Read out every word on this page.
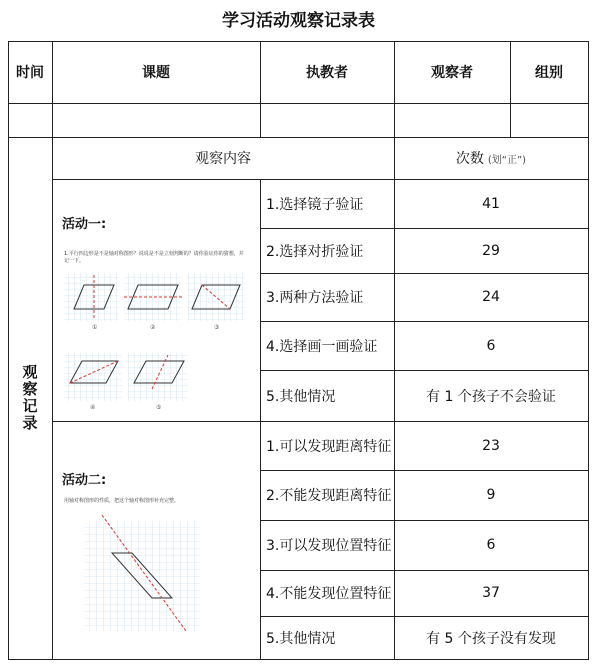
学习活动观察记录表
时间	课题	执教者	观察者	组别
观察记录
观察内容	次数 (划“正”)
活动一:
1.平行四边形是不是轴对称图形？说说是不是立刻判断的？请你验证你的猜想，并记一下。
①	②	③
④	⑤
1.选择镜子验证	41
2.选择对折验证	29
3.两种方法验证	24
4.选择画一画验证	6
5.其他情况	有 1 个孩子不会验证
活动二:
用轴对称图形的性质，把这个轴对称图形补充完整。
1.可以发现距离特征	23
2.不能发现距离特征	9
3.可以发现位置特征	6
4.不能发现位置特征	37
5.其他情况	有 5 个孩子没有发现
